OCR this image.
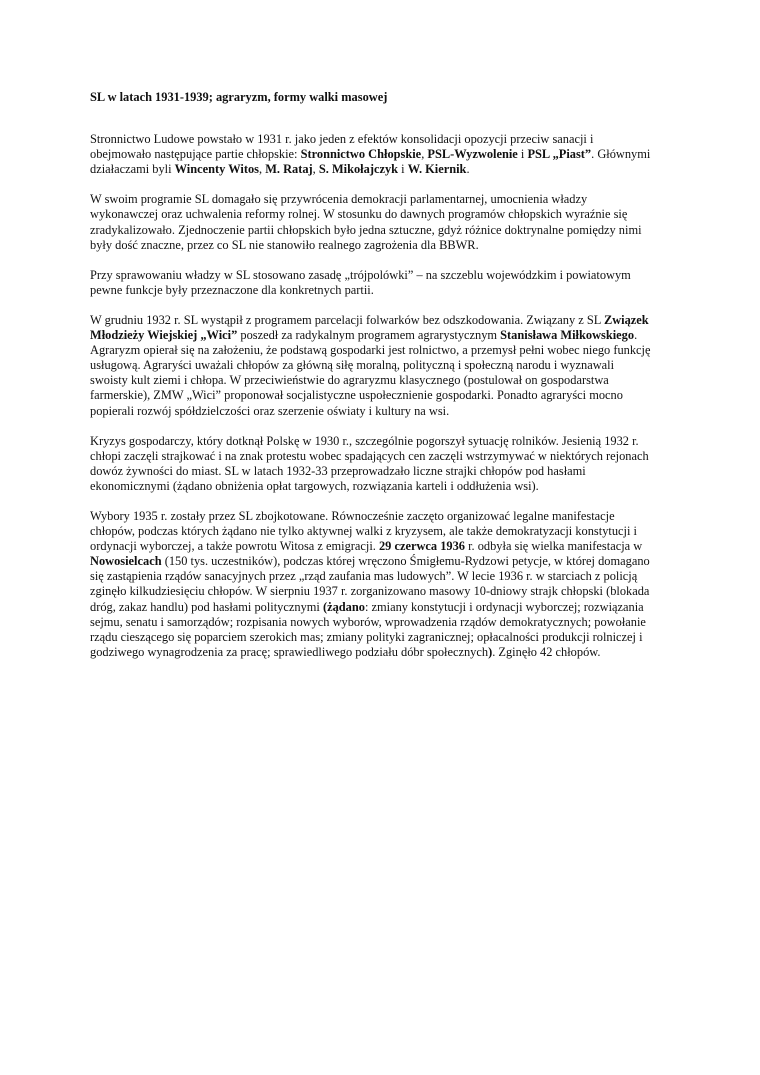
SL w latach 1931-1939; agraryzm, formy walki masowej
Stronnictwo Ludowe powstało w 1931 r. jako jeden z efektów konsolidacji opozycji przeciw sanacji i
obejmowało następujące partie chłopskie: Stronnictwo Chłopskie, PSL-Wyzwolenie i PSL „Piast”. Głównymi
działaczami byli Wincenty Witos, M. Rataj, S. Mikołajczyk i W. Kiernik.
W swoim programie SL domagało się przywrócenia demokracji parlamentarnej, umocnienia władzy
wykonawczej oraz uchwalenia reformy rolnej. W stosunku do dawnych programów chłopskich wyraźnie się
zradykalizowało. Zjednoczenie partii chłopskich było jedna sztuczne, gdyż różnice doktrynalne pomiędzy nimi
były dość znaczne, przez co SL nie stanowiło realnego zagrożenia dla BBWR.
Przy sprawowaniu władzy w SL stosowano zasadę „trójpolówki” – na szczeblu wojewódzkim i powiatowym
pewne funkcje były przeznaczone dla konkretnych partii.
W grudniu 1932 r. SL wystąpił z programem parcelacji folwarków bez odszkodowania. Związany z SL Związek
Młodzieży Wiejskiej „Wici” poszedł za radykalnym programem agrarystycznym Stanisława Miłkowskiego.
Agraryzm opierał się na założeniu, że podstawą gospodarki jest rolnictwo, a przemysł pełni wobec niego funkcję
usługową. Agraryści uważali chłopów za główną siłę moralną, polityczną i społeczną narodu i wyznawali
swoisty kult ziemi i chłopa. W przeciwieństwie do agraryzmu klasycznego (postulował on gospodarstwa
farmerskie), ZMW „Wici” proponował socjalistyczne uspołecznienie gospodarki. Ponadto agraryści mocno
popierali rozwój spółdzielczości oraz szerzenie oświaty i kultury na wsi.
Kryzys gospodarczy, który dotknął Polskę w 1930 r., szczególnie pogorszył sytuację rolników. Jesienią 1932 r.
chłopi zaczęli strajkować i na znak protestu wobec spadających cen zaczęli wstrzymywać w niektórych rejonach
dowóz żywności do miast. SL w latach 1932-33 przeprowadzało liczne strajki chłopów pod hasłami
ekonomicznymi (żądano obniżenia opłat targowych, rozwiązania karteli i oddłużenia wsi).
Wybory 1935 r. zostały przez SL zbojkotowane. Równocześnie zaczęto organizować legalne manifestacje
chłopów, podczas których żądano nie tylko aktywnej walki z kryzysem, ale także demokratyzacji konstytucji i
ordynacji wyborczej, a także powrotu Witosa z emigracji. 29 czerwca 1936 r. odbyła się wielka manifestacja w
Nowosielcach (150 tys. uczestników), podczas której wręczono Śmigłemu-Rydzowi petycje, w której domagano
się zastąpienia rządów sanacyjnych przez „rząd zaufania mas ludowych”. W lecie 1936 r. w starciach z policją
zginęło kilkudziesięciu chłopów. W sierpniu 1937 r. zorganizowano masowy 10-dniowy strajk chłopski (blokada
dróg, zakaz handlu) pod hasłami politycznymi (żądano: zmiany konstytucji i ordynacji wyborczej; rozwiązania
sejmu, senatu i samorządów; rozpisania nowych wyborów, wprowadzenia rządów demokratycznych; powołanie
rządu cieszącego się poparciem szerokich mas; zmiany polityki zagranicznej; opłacalności produkcji rolniczej i
godziwego wynagrodzenia za pracę; sprawiedliwego podziału dóbr społecznych). Zginęło 42 chłopów.
